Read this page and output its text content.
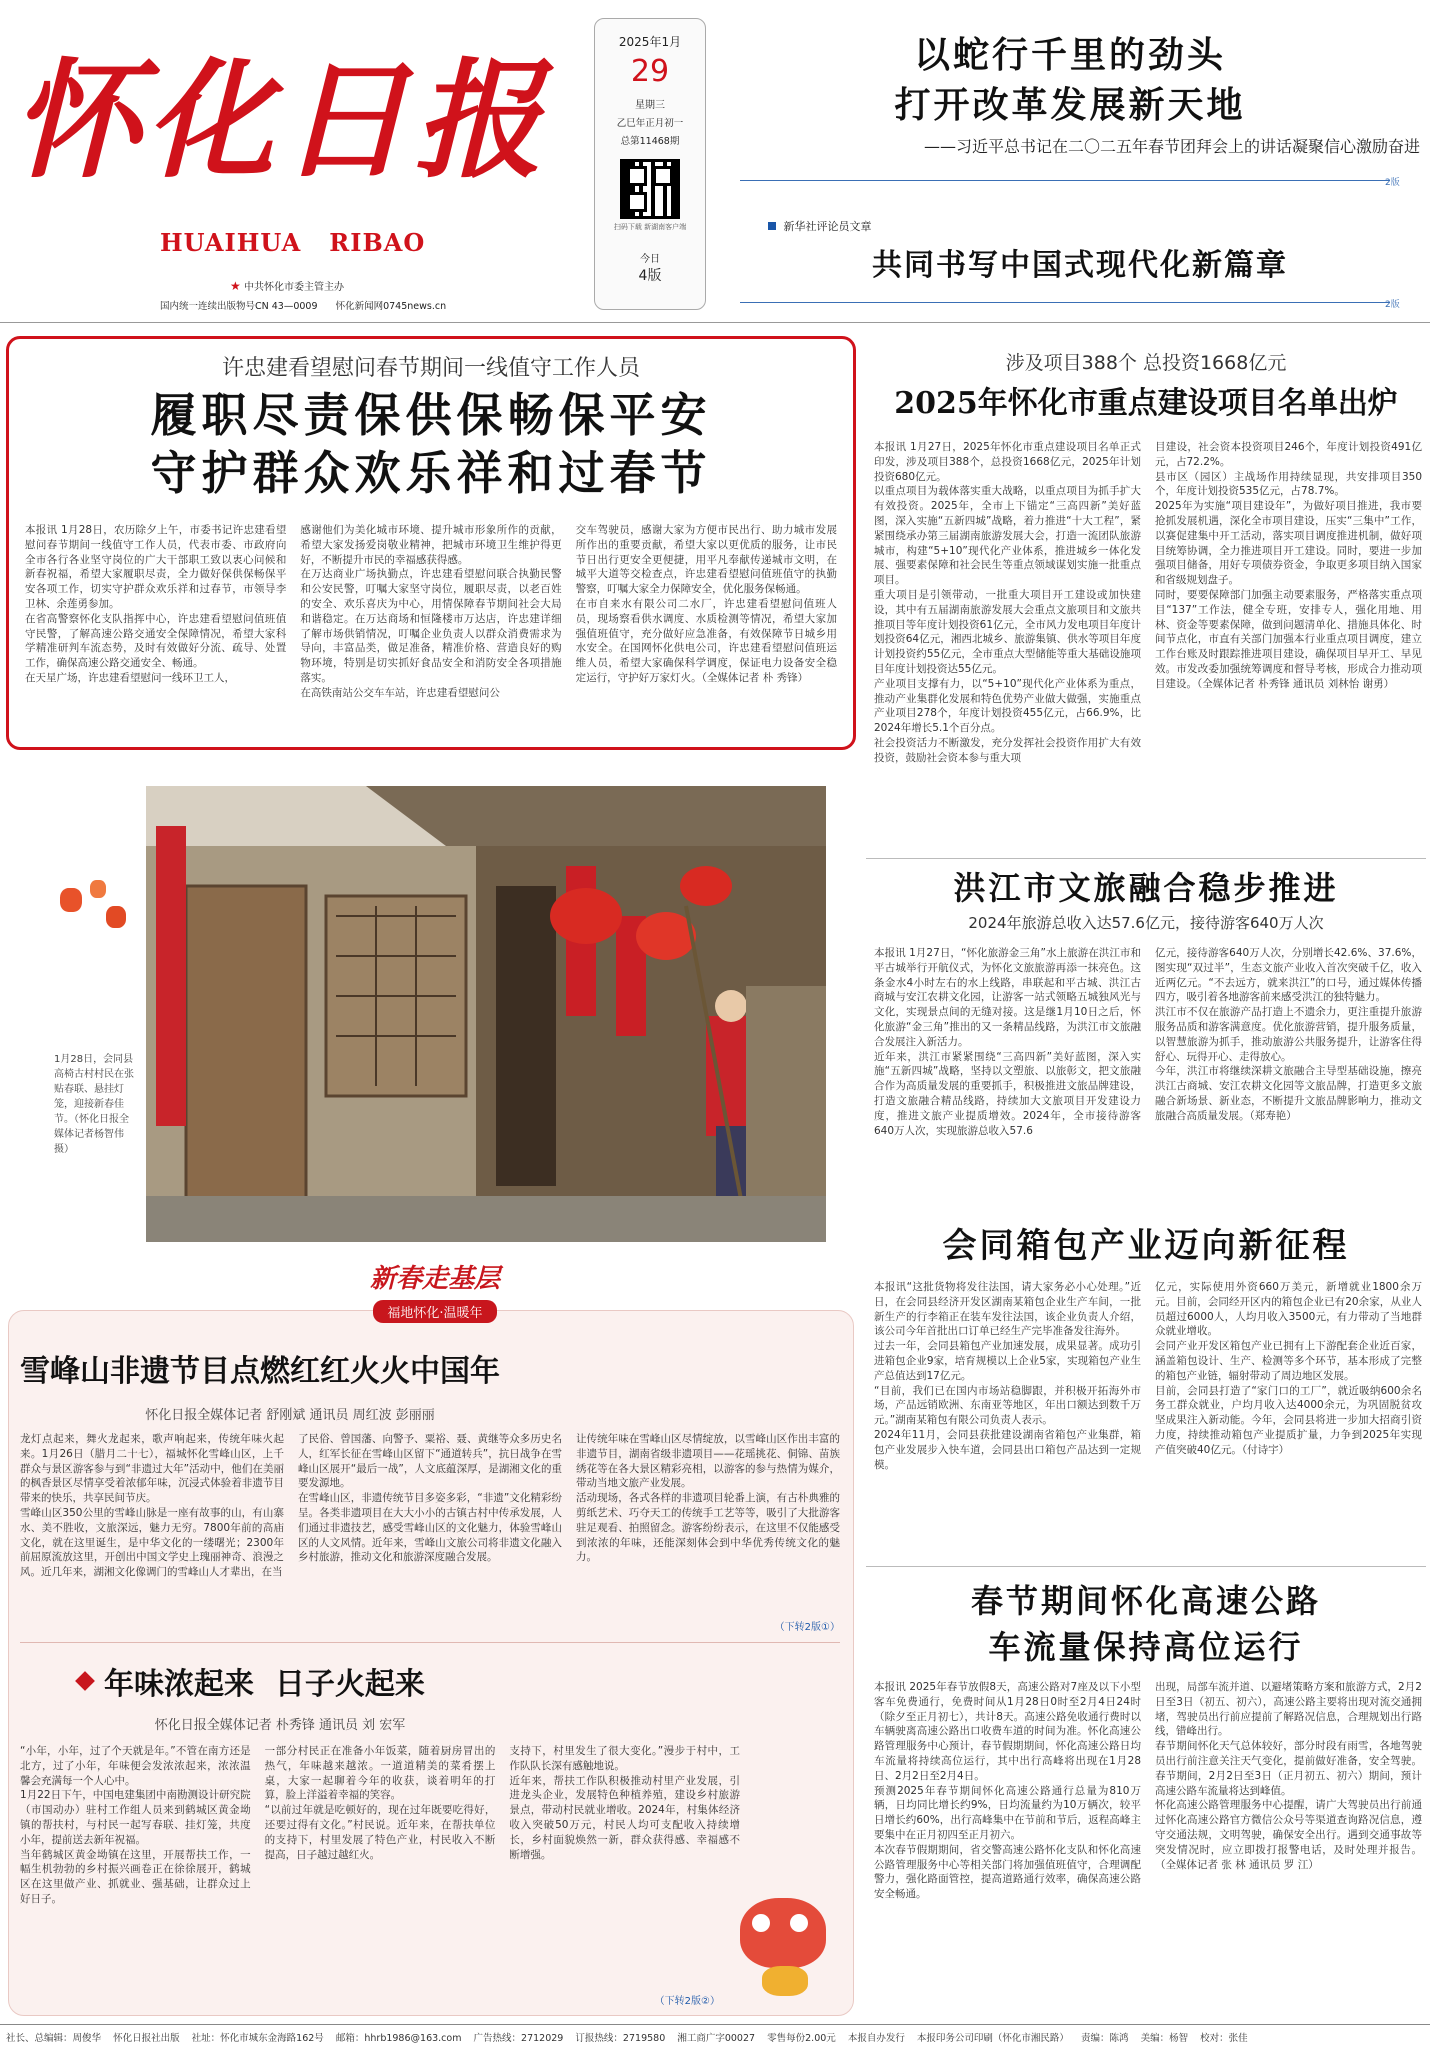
怀化日报
HUAIHUA   RIBAO
★ 中共怀化市委主管主办
国内统一连续出版物号CN 43—0009 怀化新闻网0745news.cn
2025年1月
29
星期三
乙巳年正月初一
总第11468期
扫码下载 新湖南客户端
今日
4版
以蛇行千里的劲头
打开改革发展新天地
——习近平总书记在二〇二五年春节团拜会上的讲话凝聚信心激励奋进
2版
新华社评论员文章
共同书写中国式现代化新篇章
2版
许忠建看望慰问春节期间一线值守工作人员
履职尽责保供保畅保平安
守护群众欢乐祥和过春节
本报讯 1月28日，农历除夕上午，市委书记许忠建看望慰问春节期间一线值守工作人员，代表市委、市政府向全市各行各业坚守岗位的广大干部职工致以衷心问候和新春祝福，希望大家履职尽责，全力做好保供保畅保平安各项工作，切实守护群众欢乐祥和过春节，市领导李卫林、余莲勇参加。
在省高警察怀化支队指挥中心，许忠建看望慰问值班值守民警，了解高速公路交通安全保障情况，希望大家科学精准研判车流态势，及时有效做好分流、疏导、处置工作，确保高速公路交通安全、畅通。
在天星广场，许忠建看望慰问一线环卫工人，
感谢他们为美化城市环境、提升城市形象所作的贡献，希望大家发扬爱岗敬业精神，把城市环境卫生维护得更好，不断提升市民的幸福感获得感。
在万达商业广场执勤点，许忠建看望慰问联合执勤民警和公安民警，叮嘱大家坚守岗位，履职尽责，以老百姓的安全、欢乐喜庆为中心，用情保障春节期间社会大局和谐稳定。在万达商场和恒隆楼市万达店，许忠建详细了解市场供销情况，叮嘱企业负责人以群众消费需求为导向，丰富品类，做足准备，精准价格、营造良好的购物环境，特别是切实抓好食品安全和消防安全各项措施落实。
在高铁南站公交车车站，许忠建看望慰问公
交车驾驶员，感谢大家为方便市民出行、助力城市发展所作出的重要贡献，希望大家以更优质的服务，让市民节日出行更安全更便捷，用平凡奉献传递城市文明，在城平大道等交检查点，许忠建看望慰问值班值守的执勤警察，叮嘱大家全力保障安全，优化服务保畅通。
在市自来水有限公司二水厂，许忠建看望慰问值班人员，现场察看供水调度、水质检测等情况，希望大家加强值班值守，充分做好应急准备，有效保障节日城乡用水安全。在国网怀化供电公司，许忠建看望慰问值班运维人员，希望大家确保科学调度，保证电力设备安全稳定运行，守护好万家灯火。（全媒体记者 朴 秀锋）
涉及项目388个 总投资1668亿元
2025年怀化市重点建设项目名单出炉
本报讯 1月27日，2025年怀化市重点建设项目名单正式印发，涉及项目388个，总投资1668亿元，2025年计划投资680亿元。
以重点项目为载体落实重大战略，以重点项目为抓手扩大有效投资。2025年，全市上下锚定“三高四新”美好蓝图，深入实施“五新四城”战略，着力推进“十大工程”，紧紧围绕承办第三届湖南旅游发展大会，打造一流团队旅游城市，构建“5+10”现代化产业体系，推进城乡一体化发展、强要素保障和社会民生等重点领域谋划实施一批重点项目。
重大项目是引领带动，一批重大项目开工建设或加快建设，其中有五届湖南旅游发展大会重点文旅项目和文旅共推项目等年度计划投资61亿元，全市风力发电项目年度计划投资64亿元，湘西北城乡、旅游集镇、供水等项目年度计划投资约55亿元，全市重点大型储能等重大基础设施项目年度计划投资达55亿元。
产业项目支撑有力，以“5+10”现代化产业体系为重点，推动产业集群化发展和特色优势产业做大做强，实施重点产业项目278个，年度计划投资455亿元，占66.9%，比2024年增长5.1个百分点。
社会投资活力不断激发，充分发挥社会投资作用扩大有效投资，鼓励社会资本参与重大项
目建设，社会资本投资项目246个，年度计划投资491亿元，占72.2%。
县市区（园区）主战场作用持续显现，共安排项目350个，年度计划投资535亿元，占78.7%。
2025年为实施“项目建设年”，为做好项目推进，我市要抢抓发展机遇，深化全市项目建设，压实“三集中”工作，以赛促建集中开工活动，落实项目调度推进机制，做好项目统筹协调，全力推进项目开工建设。同时，要进一步加强项目储备，用好专项债券资金，争取更多项目纳入国家和省级规划盘子。
同时，要要保障部门加强主动要素服务，严格落实重点项目“137”工作法，健全专班，安排专人，强化用地、用林、资金等要素保障，做到问题清单化、措施具体化、时间节点化，市直有关部门加强本行业重点项目调度，建立工作台账及时跟踪推进项目建设，确保项目早开工、早见效。市发改委加强统筹调度和督导考核，形成合力推动项目建设。（全媒体记者 朴秀锋 通讯员 刘林怡 谢勇）
1月28日，会同县高椅古村村民在张贴春联、悬挂灯笼，迎接新春佳节。（怀化日报全媒体记者杨智伟摄）
洪江市文旅融合稳步推进
2024年旅游总收入达57.6亿元，接待游客640万人次
本报讯 1月27日，“怀化旅游金三角”水上旅游在洪江市和平古城举行开航仪式，为怀化文旅旅游再添一抹亮色。这条金水4小时左右的水上线路，串联起和平古城、洪江古商城与安江农耕文化园，让游客一站式领略五城独风光与文化，实现景点间的无缝对接。这是继1月10日之后，怀化旅游“金三角”推出的又一条精品线路，为洪江市文旅融合发展注入新活力。
近年来，洪江市紧紧围绕“三高四新”美好蓝图，深入实施“五新四城”战略，坚持以文塑旅、以旅彰文，把文旅融合作为高质量发展的重要抓手，积极推进文旅品牌建设，打造文旅融合精品线路，持续加大文旅项目开发建设力度，推进文旅产业提质增效。2024年，全市接待游客640万人次，实现旅游总收入57.6
亿元，接待游客640万人次，分别增长42.6%、37.6%，图实现“双过半”，生态文旅产业收入首次突破千亿，收入近两亿元。“不去远方，就来洪江”的口号，通过媒体传播四方，吸引着各地游客前来感受洪江的独特魅力。
洪江市不仅在旅游产品打造上不遗余力，更注重提升旅游服务品质和游客满意度。优化旅游营销，提升服务质量，以智慧旅游为抓手，推动旅游公共服务提升，让游客住得舒心、玩得开心、走得放心。
今年，洪江市将继续深耕文旅融合主导型基础设施，擦亮洪江古商城、安江农耕文化园等文旅品牌，打造更多文旅融合新场景、新业态，不断提升文旅品牌影响力，推动文旅融合高质量发展。（郑寿艳）
会同箱包产业迈向新征程
本报讯“这批货物将发往法国，请大家务必小心处理。”近日，在会同县经济开发区湖南某箱包企业生产车间，一批新生产的行李箱正在装车发往法国，该企业负责人介绍，该公司今年首批出口订单已经生产完毕准备发往海外。
过去一年，会同县箱包产业加速发展，成果显著。成功引进箱包企业9家，培育规模以上企业5家，实现箱包产业生产总值达到17亿元。
“目前，我们已在国内市场站稳脚跟，并积极开拓海外市场，产品远销欧洲、东南亚等地区，年出口额达到数千万元。”湖南某箱包有限公司负责人表示。
2024年11月，会同县获批建设湖南省箱包产业集群，箱包产业发展步入快车道，会同县出口箱包产品达到一定规模。
亿元，实际使用外资660万美元，新增就业1800余万元。目前，会同经开区内的箱包企业已有20余家，从业人员超过6000人，人均月收入3500元，有力带动了当地群众就业增收。
会同产业开发区箱包产业已拥有上下游配套企业近百家，涵盖箱包设计、生产、检测等多个环节，基本形成了完整的箱包产业链，辐射带动了周边地区发展。
目前，会同县打造了“家门口的工厂”，就近吸纳600余名务工群众就业，户均月收入达4000余元，为巩固脱贫攻坚成果注入新动能。今年，会同县将进一步加大招商引资力度，持续推动箱包产业提质扩量，力争到2025年实现产值突破40亿元。（付诗宇）
春节期间怀化高速公路
车流量保持高位运行
本报讯 2025年春节放假8天，高速公路对7座及以下小型客车免费通行，免费时间从1月28日0时至2月4日24时（除夕至正月初七），共计8天。高速公路免收通行费时以车辆驶离高速公路出口收费车道的时间为准。怀化高速公路管理服务中心预计，春节假期期间，怀化高速公路日均车流量将持续高位运行，其中出行高峰将出现在1月28日、2月2日至2月4日。
预测2025年春节期间怀化高速公路通行总量为810万辆，日均同比增长约9%，日均流量约为10万辆次，较平日增长约60%，出行高峰集中在节前和节后，返程高峰主要集中在正月初四至正月初六。
本次春节假期期间，省交警高速公路怀化支队和怀化高速公路管理服务中心等相关部门将加强值班值守，合理调配警力，强化路面管控，提高道路通行效率，确保高速公路安全畅通。
出现，局部车流并道、以避堵策略方案和旅游方式，2月2日至3日（初五、初六），高速公路主要将出现对流交通拥堵，驾驶员出行前应提前了解路况信息，合理规划出行路线，错峰出行。
春节期间怀化天气总体较好，部分时段有雨雪，各地驾驶员出行前注意关注天气变化，提前做好准备，安全驾驶。春节期间，2月2日至3日（正月初五、初六）期间，预计高速公路车流量将达到峰值。
怀化高速公路管理服务中心提醒，请广大驾驶员出行前通过怀化高速公路官方微信公众号等渠道查询路况信息，遵守交通法规，文明驾驶，确保安全出行。遇到交通事故等突发情况时，应立即拨打报警电话，及时处理并报告。（全媒体记者 张 林 通讯员 罗 江）
新春走基层
福地怀化·温暖年
雪峰山非遗节目点燃红红火火中国年
怀化日报全媒体记者 舒刚斌 通讯员 周红波 彭丽丽
龙灯点起来，舞火龙起来，歌声响起来，传统年味火起来。1月26日（腊月二十七），福城怀化雪峰山区，上千群众与景区游客参与到“非遗过大年”活动中，他们在美丽的枫香景区尽情享受着浓郁年味，沉浸式体验着非遗节目带来的快乐，共享民间节庆。
雪峰山区350公里的雪峰山脉是一座有故事的山，有山寨水、美不胜收，文旅深远，魅力无穷。7800年前的高庙文化，就在这里诞生，是中华文化的一缕曙光；2300年前屈原流放这里，开创出中国文学史上瑰丽神奇、浪漫之风。近几年来，湖湘文化像调门的雪峰山人才辈出，在当
了民俗、曾国藩、向警予、粟裕、聂、黄继等众多历史名人，红军长征在雪峰山区留下“通道转兵”，抗日战争在雪峰山区展开“最后一战”，人文底蕴深厚，是湖湘文化的重要发源地。
在雪峰山区，非遗传统节目多姿多彩，“非遗”文化精彩纷呈。各类非遗项目在大大小小的古镇古村中传承发展，人们通过非遗技艺，感受雪峰山区的文化魅力，体验雪峰山区的人文风情。近年来，雪峰山文旅公司将非遗文化融入乡村旅游，推动文化和旅游深度融合发展。
让传统年味在雪峰山区尽情绽放，以雪峰山区作出丰富的非遗节目，湖南省级非遗项目——花瑶挑花、侗锦、苗族绣花等在各大景区精彩亮相，以游客的参与热情为媒介，带动当地文旅产业发展。
活动现场，各式各样的非遗项目轮番上演，有古朴典雅的剪纸艺术、巧夺天工的传统手工艺等等，吸引了大批游客驻足观看、拍照留念。游客纷纷表示，在这里不仅能感受到浓浓的年味，还能深刻体会到中华优秀传统文化的魅力。
（下转2版①）
年味浓起来  日子火起来
怀化日报全媒体记者 朴秀锋 通讯员 刘 宏军
“小年，小年，过了个天就是年。”不管在南方还是北方，过了小年，年味便会发浓浓起来，浓浓温馨会充满每一个人心中。
1月22日下午，中国电建集团中南勘测设计研究院（市国动办）驻村工作组人员来到鹤城区黄金坳镇的帮扶村，与村民一起写春联、挂灯笼，共度小年，提前送去新年祝福。
当年鹤城区黄金坳镇在这里，开展帮扶工作，一幅生机勃勃的乡村振兴画卷正在徐徐展开，鹤城区在这里做产业、抓就业、强基础，让群众过上好日子。
一部分村民正在准备小年饭菜，随着厨房冒出的热气，年味越来越浓。一道道精美的菜肴摆上桌，大家一起聊着今年的收获，谈着明年的打算，脸上洋溢着幸福的笑容。
“以前过年就是吃顿好的，现在过年既要吃得好，还要过得有文化。”村民说。近年来，在帮扶单位的支持下，村里发展了特色产业，村民收入不断提高，日子越过越红火。
支持下，村里发生了很大变化。”漫步于村中，工作队队长深有感触地说。
近年来，帮扶工作队积极推动村里产业发展，引进龙头企业，发展特色种植养殖，建设乡村旅游景点，带动村民就业增收。2024年，村集体经济收入突破50万元，村民人均可支配收入持续增长，乡村面貌焕然一新，群众获得感、幸福感不断增强。
（下转2版②）
社长、总编辑：周俊华    怀化日报社出版    社址：怀化市城东金海路162号    邮箱：hhrb1986@163.com    广告热线：2712029    订报热线：2719580    湘工商广字00027    零售每份2.00元    本报自办发行    本报印务公司印刷（怀化市湘民路）    责编：陈鸿    美编：杨智    校对：张佳
